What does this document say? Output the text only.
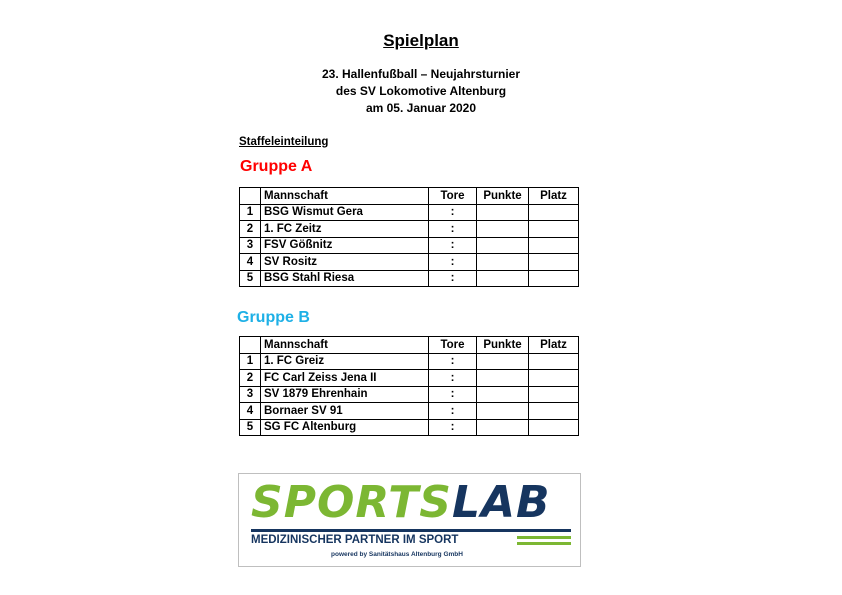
Spielplan
23. Hallenfußball – Neujahrsturnier
des SV Lokomotive Altenburg
am 05. Januar 2020
Staffeleinteilung
Gruppe A
	Mannschaft	Tore	Punkte	Platz
1	BSG Wismut Gera	:		
2	1. FC Zeitz	:		
3	FSV Gößnitz	:		
4	SV Rositz	:		
5	BSG Stahl Riesa	:		
Gruppe B
	Mannschaft	Tore	Punkte	Platz
1	1. FC Greiz	:		
2	FC Carl Zeiss Jena II	:		
3	SV 1879 Ehrenhain	:		
4	Bornaer SV 91	:		
5	SG FC Altenburg	:		
SPORTSLAB
MEDIZINISCHER PARTNER IM SPORT
powered by Sanitätshaus Altenburg GmbH
